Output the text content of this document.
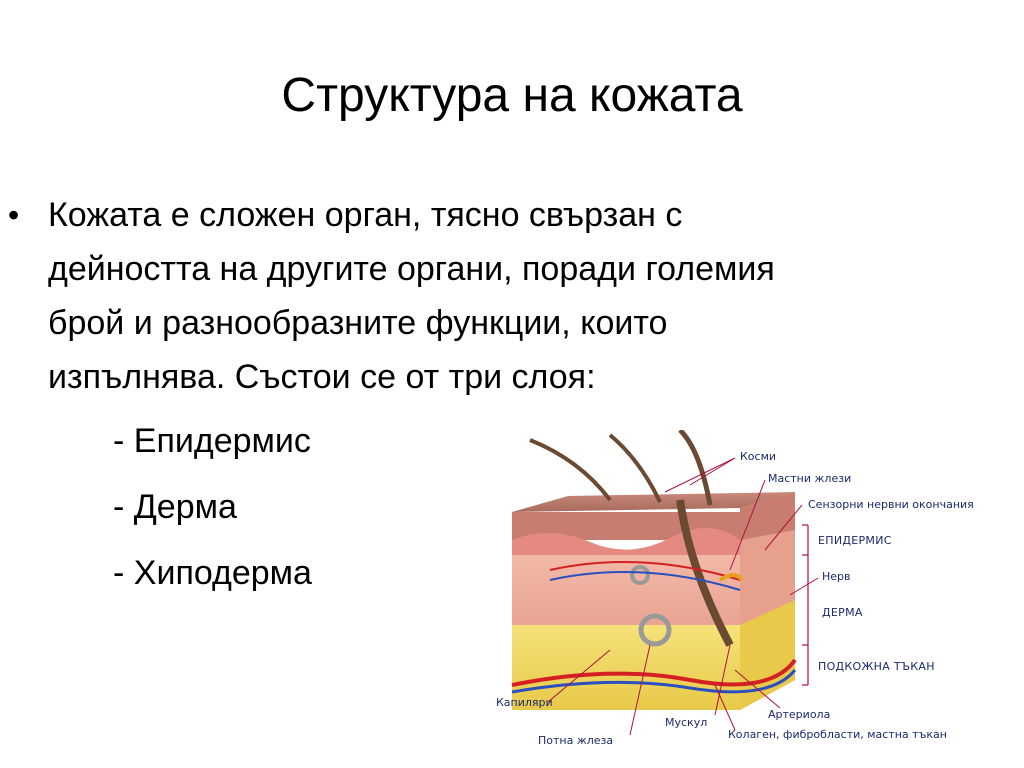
Структура на кожата
• Кожата е сложен орган, тясно свързан с

дейността на другите органи, поради големия

брой и разнообразните функции, които

изпълнява. Състои се от три слоя:

- Епидермис
- Дерма
- Хиподерма
Косми
Мастни жлези
Сензорни нервни окончания
ЕПИДЕРМИС
Нерв
ДЕРМА
ПОДКОЖНА ТЪКАН
Капиляри
Потна жлеза
Мускул
Артериола
Колаген, фибробласти, мастна тъкан
